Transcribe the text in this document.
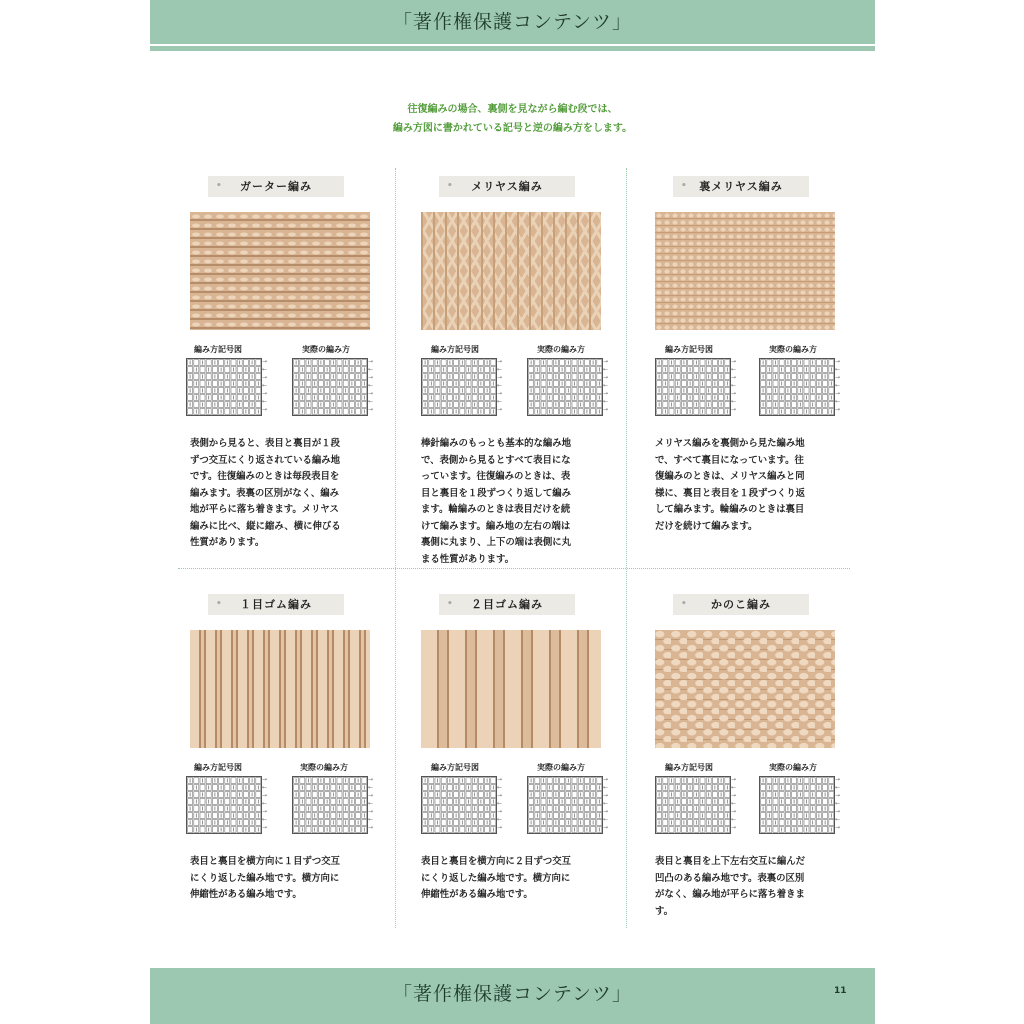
「著作権保護コンテンツ」
往復編みの場合、裏側を見ながら編む段では、
編み方図に書かれている記号と逆の編み方をします。
• ガーター編み
編み方記号図	実際の編み方
→
←
→
←
→
←
→
→
←
→
←
→
←
→
表側から見ると、表目と裏目が１段
ずつ交互にくり返されている編み地
です。往復編みのときは毎段表目を
編みます。表裏の区別がなく、編み
地が平らに落ち着きます。メリヤス
編みに比べ、縦に縮み、横に伸びる
性質があります。
• メリヤス編み
編み方記号図	実際の編み方
→
←
→
←
→
←
→
→
←
→
←
→
←
→
棒針編みのもっとも基本的な編み地
で、表側から見るとすべて表目にな
っています。往復編みのときは、表
目と裏目を１段ずつくり返して編み
ます。輪編みのときは表目だけを続
けて編みます。編み地の左右の端は
裏側に丸まり、上下の端は表側に丸
まる性質があります。
• 裏メリヤス編み
編み方記号図	実際の編み方
→
←
→
←
→
←
→
→
←
→
←
→
←
→
メリヤス編みを裏側から見た編み地
で、すべて裏目になっています。往
復編みのときは、メリヤス編みと同
様に、裏目と表目を１段ずつくり返
して編みます。輪編みのときは裏目
だけを続けて編みます。
• １目ゴム編み
編み方記号図	実際の編み方
→
←
→
←
→
←
→
→
←
→
←
→
←
→
表目と裏目を横方向に１目ずつ交互
にくり返した編み地です。横方向に
伸縮性がある編み地です。
• ２目ゴム編み
編み方記号図	実際の編み方
→
←
→
←
→
←
→
→
←
→
←
→
←
→
表目と裏目を横方向に２目ずつ交互
にくり返した編み地です。横方向に
伸縮性がある編み地です。
• かのこ編み
編み方記号図	実際の編み方
→
←
→
←
→
←
→
→
←
→
←
→
←
→
表目と裏目を上下左右交互に編んだ
凹凸のある編み地です。表裏の区別
がなく、編み地が平らに落ち着きま
す。
「著作権保護コンテンツ」	11
